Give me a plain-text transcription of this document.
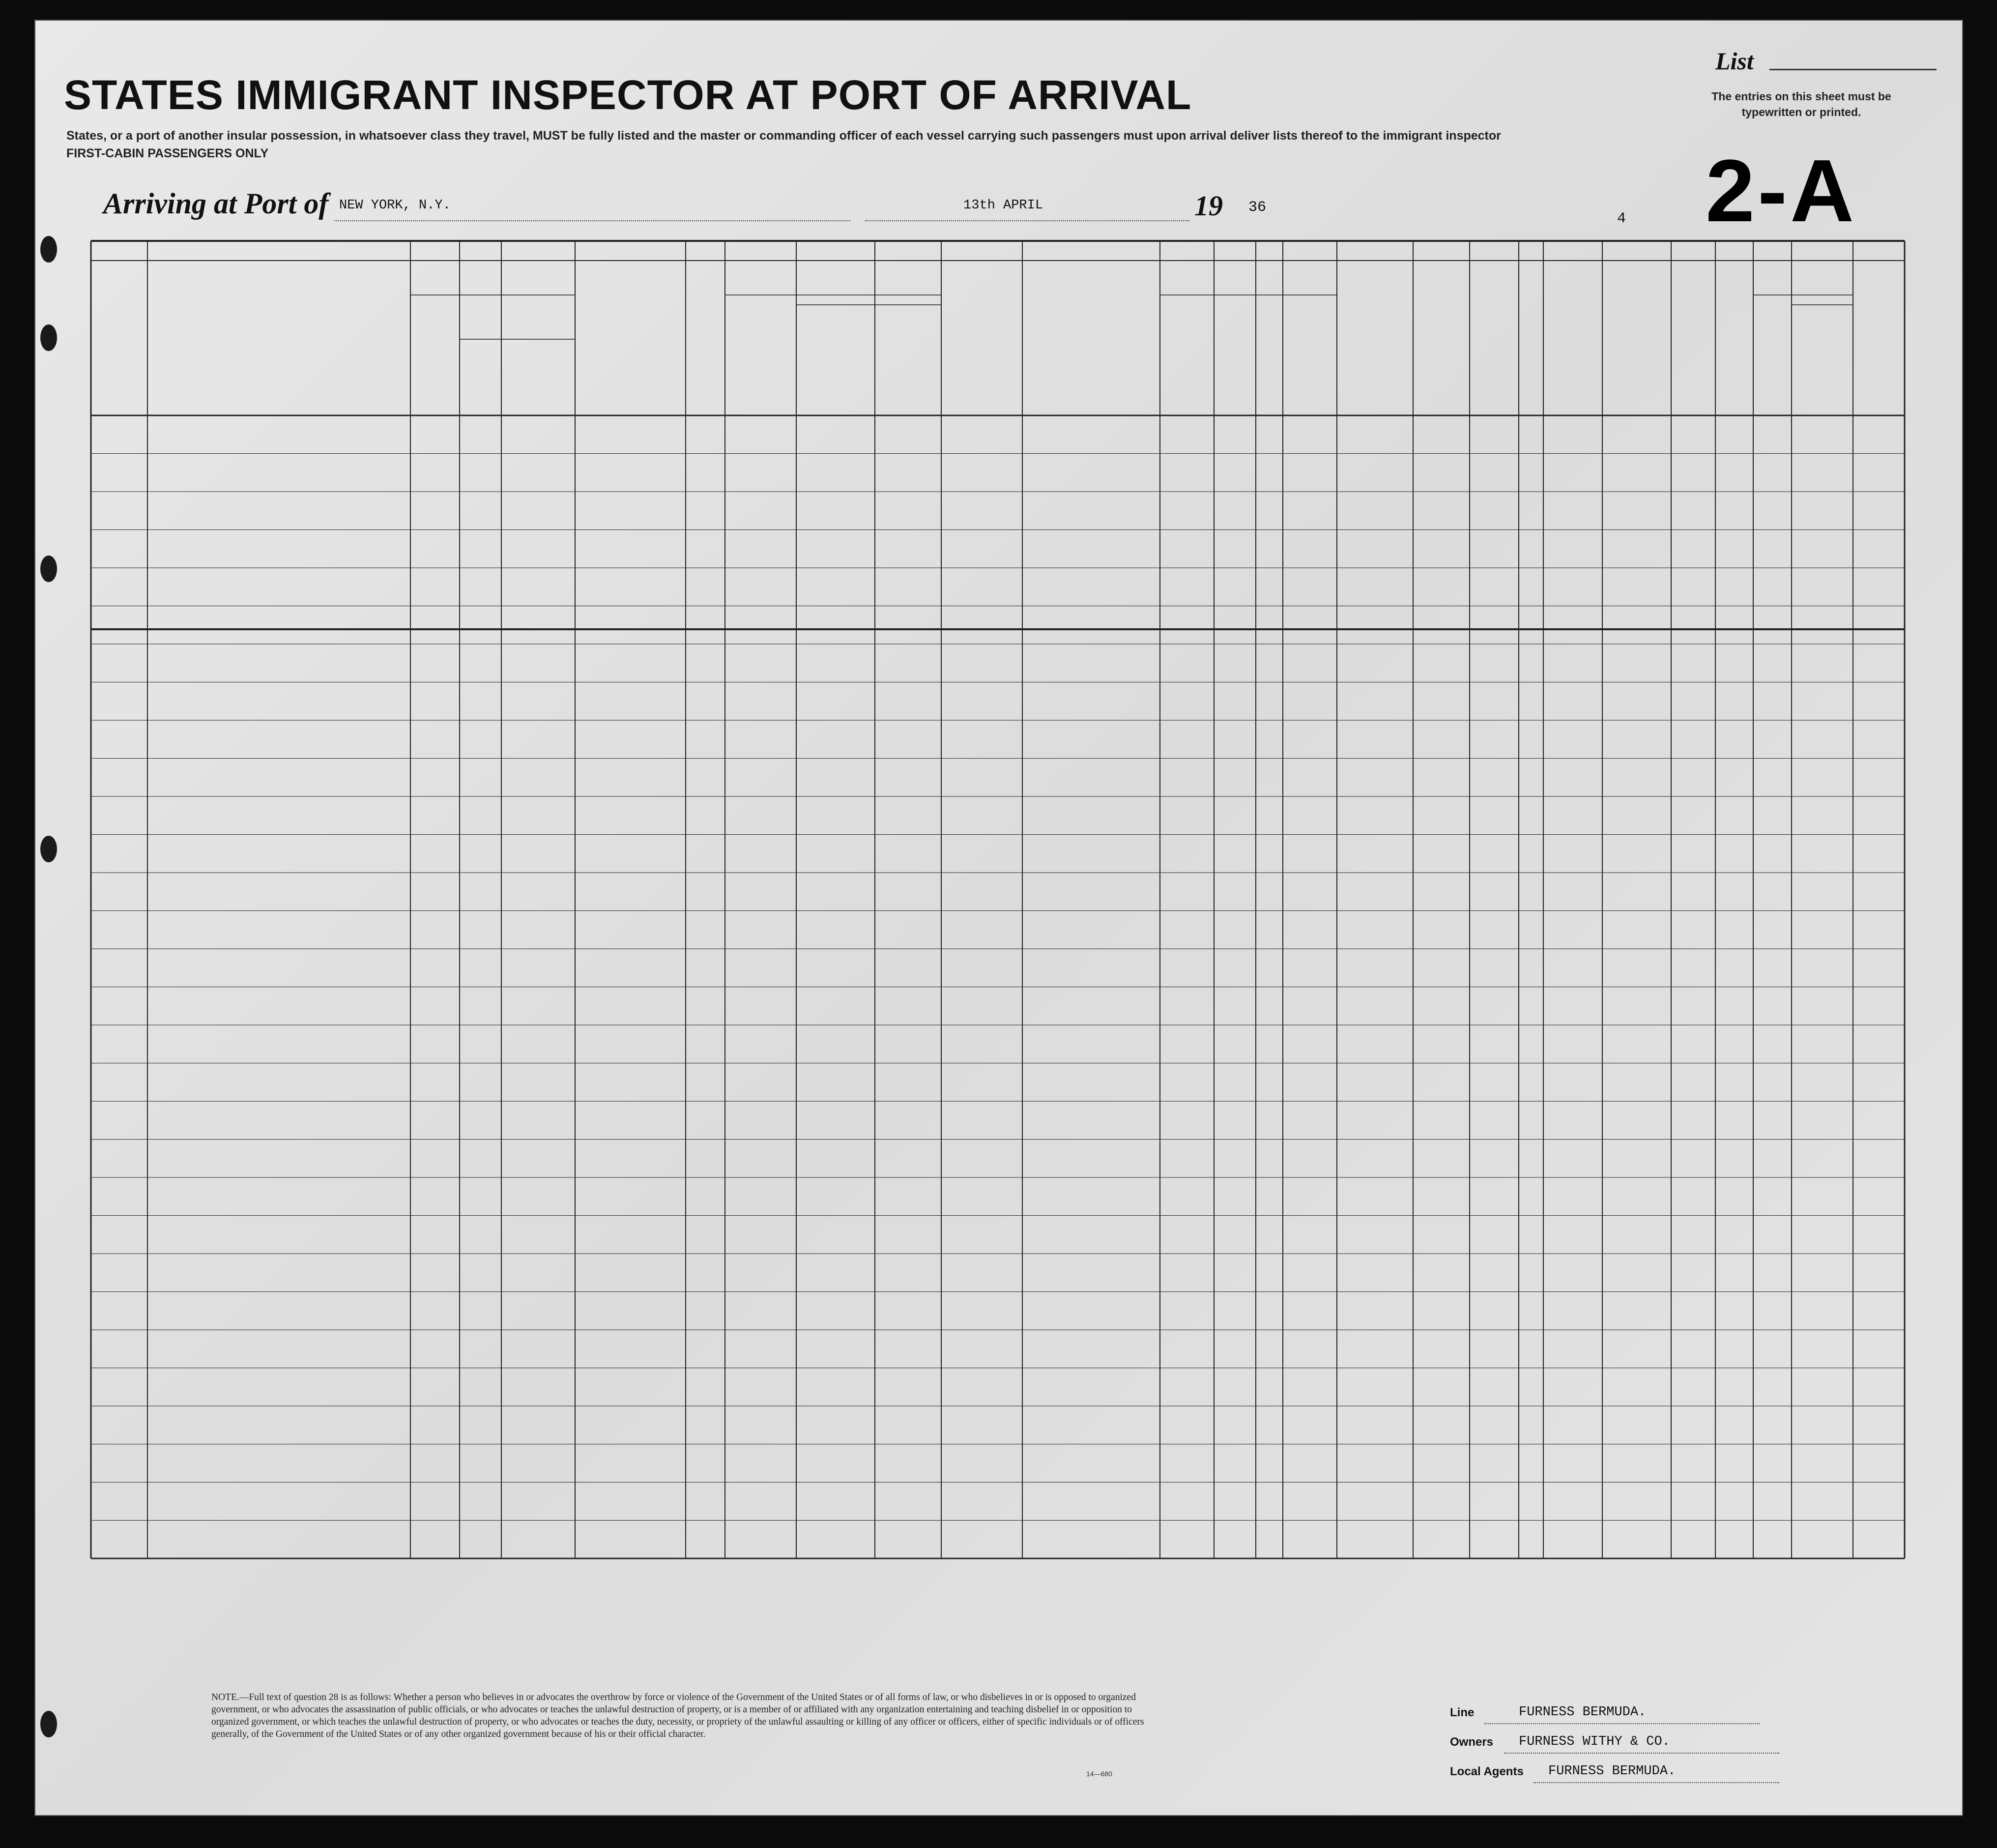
List
The entries on this sheet must be typewritten or printed.
2-A
STATES IMMIGRANT INSPECTOR AT PORT OF ARRIVAL
States, or a port of another insular possession, in whatsoever class they travel, MUST be fully listed and the master or commanding officer of each vessel carrying such passengers must upon arrival deliver lists thereof to the immigrant inspector
FIRST-CABIN PASSENGERS ONLY
Arriving at Port of NEW YORK, N.Y.	13th APRIL	19 36
4
NOTE.—Full text of question 28 is as follows: Whether a person who believes in or advocates the overthrow by force or violence of the Government of the United States or of all forms of law, or who disbelieves in or is opposed to organized government, or who advocates the assassination of public officials, or who advocates or teaches the unlawful destruction of property, or is a member of or affiliated with any organization entertaining and teaching disbelief in or opposition to organized government, or which teaches the unlawful destruction of property, or who advocates or teaches the duty, necessity, or propriety of the unlawful assaulting or killing of any officer or officers, either of specific individuals or of officers generally, of the Government of the United States or of any other organized government because of his or their official character.
14—680
Line	FURNESS BERMUDA.
Owners FURNESS WITHY & CO.
Local Agents FURNESS BERMUDA.
